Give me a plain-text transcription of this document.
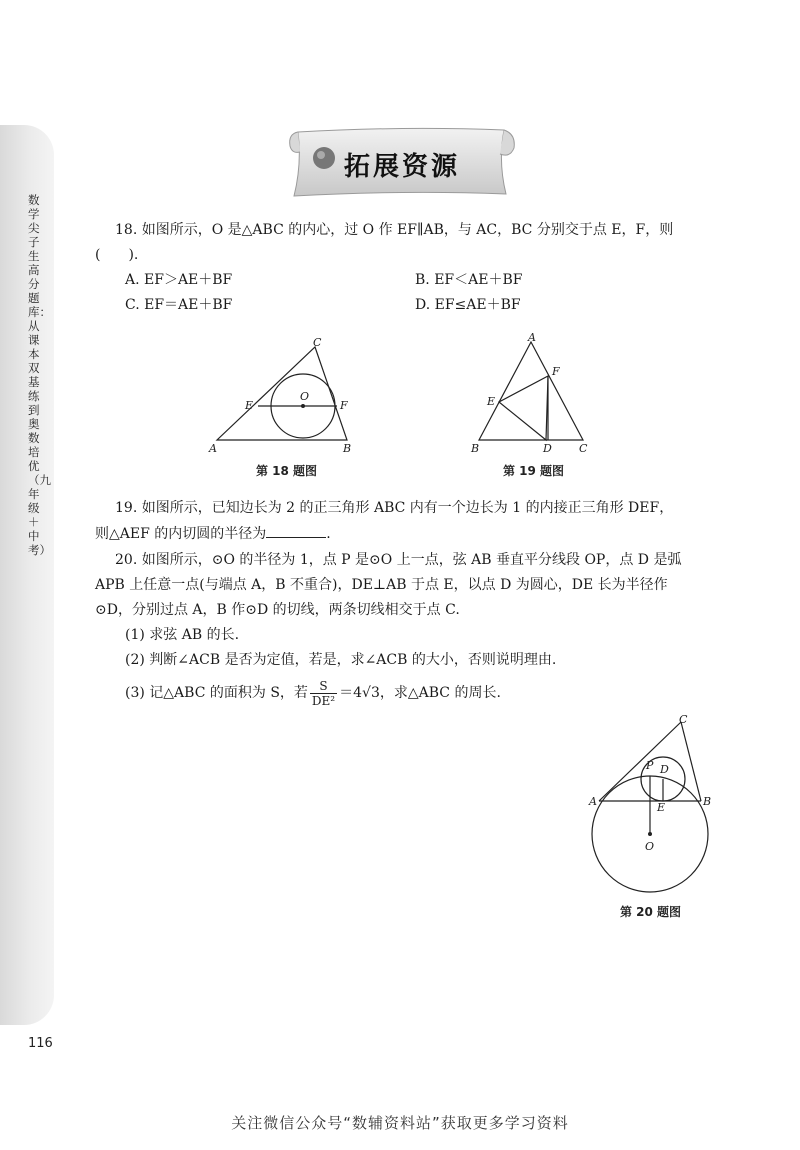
数学尖子生高分题库：从课本双基练到奥数培优（九年级＋中考）
116
拓展资源
18. 如图所示，O 是△ABC 的内心，过 O 作 EF∥AB，与 AC，BC 分别交于点 E，F，则
(　　).
A. EF＞AE＋BF	B. EF＜AE＋BF
C. EF＝AE＋BF	D. EF≤AE＋BF
A	B
C
E	F
O
第 18 题图
B	C
A
D
E
F
第 19 题图
19. 如图所示，已知边长为 2 的正三角形 ABC 内有一个边长为 1 的内接正三角形 DEF，
则△AEF 的内切圆的半径为	.
20. 如图所示，⊙O 的半径为 1，点 P 是⊙O 上一点，弦 AB 垂直平分线段 OP，点 D 是弧
APB 上任意一点(与端点 A，B 不重合)，DE⊥AB 于点 E，以点 D 为圆心，DE 长为半径作
⊙D，分别过点 A，B 作⊙D 的切线，两条切线相交于点 C.
(1) 求弦 AB 的长.
(2) 判断∠ACB 是否为定值，若是，求∠ACB 的大小，否则说明理由.
(3) 记△ABC 的面积为 S，若 $\frac{S}{\text{DE²}} =4√3$，求△ABC 的周长.
A	B
C
D
E
O
P
第 20 题图
关注微信公众号“数辅资料站”获取更多学习资料
